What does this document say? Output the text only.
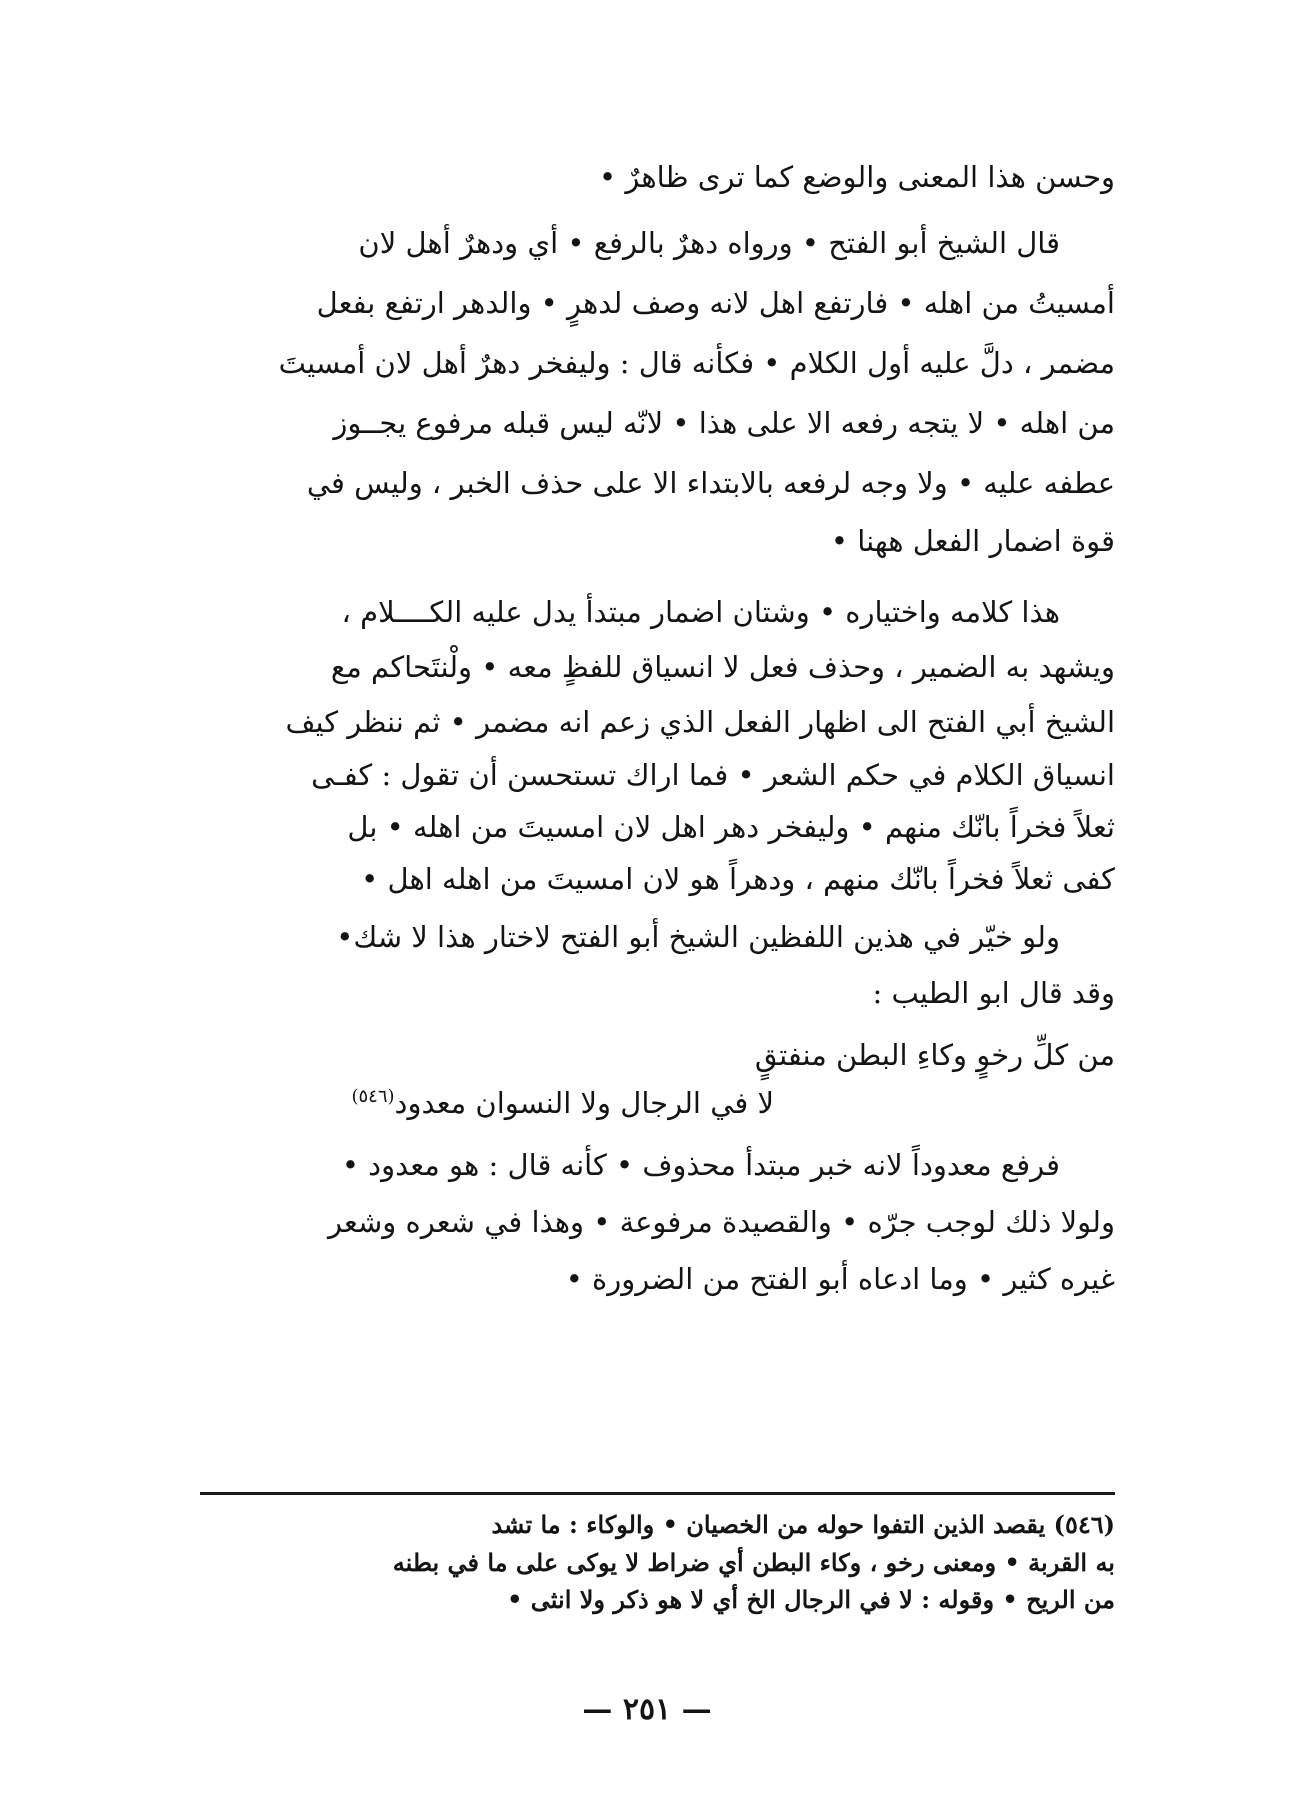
وحسن هذا المعنى والوضع كما ترى ظاهرٌ •
قال الشيخ أبو الفتح • ورواه دهرٌ بالرفع • أي ودهرٌ أهل لان
أمسيتُ من اهله • فارتفع اهل لانه وصف لدهرٍ • والدهر ارتفع بفعل
مضمر ، دلَّ عليه أول الكلام • فكأنه قال : وليفخر دهرٌ أهل لان أمسيتَ
من اهله • لا يتجه رفعه الا على هذا • لانّه ليس قبله مرفوع يجــوز
عطفه عليه • ولا وجه لرفعه بالابتداء الا على حذف الخبر ، وليس في
قوة اضمار الفعل ههنا •
هذا كلامه واختياره • وشتان اضمار مبتدأ يدل عليه الكــــلام ،
ويشهد به الضمير ، وحذف فعل لا انسياق للفظٍ معه • ولْنتَحاكم مع
الشيخ أبي الفتح الى اظهار الفعل الذي زعم انه مضمر • ثم ننظر كيف
انسياق الكلام في حكم الشعر • فما اراك تستحسن أن تقول : كفـى
ثعلاً فخراً بانّك منهم • وليفخر دهر اهل لان امسيتَ من اهله • بل
كفى ثعلاً فخراً بانّك منهم ، ودهراً هو لان امسيتَ من اهله اهل •
ولو خيّر في هذين اللفظين الشيخ أبو الفتح لاختار هذا لا شك•
وقد قال ابو الطيب :
فرفع معدوداً لانه خبر مبتدأ محذوف • كأنه قال : هو معدود •
ولولا ذلك لوجب جرّه • والقصيدة مرفوعة • وهذا في شعره وشعر
غيره كثير • وما ادعاه أبو الفتح من الضرورة •
من كلِّ رخوٍ وكاءِ البطن منفتقٍ
لا في الرجال ولا النسوان معدود$^{(٥٤٦)}$
(٥٤٦) يقصد الذين التفوا حوله من الخصيان • والوكاء : ما تشد
به القربة • ومعنى رخو ، وكاء البطن أي ضراط لا يوكى على ما في بطنه
من الريح • وقوله : لا في الرجال الخ أي لا هو ذكر ولا انثى •
— ٢٥١ —
